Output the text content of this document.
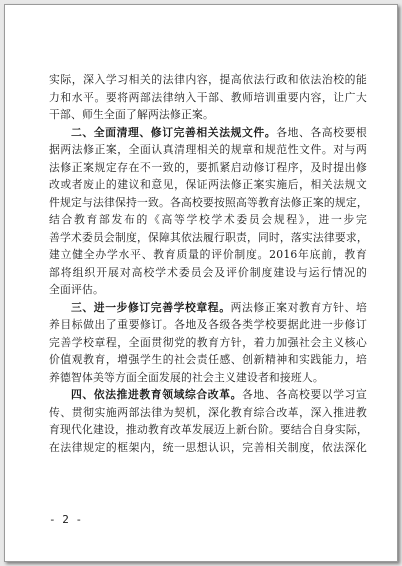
实际，深入学习相关的法律内容，提高依法行政和依法治校的能
力和水平。要将两部法律纳入干部、教师培训重要内容，让广大
干部、师生全面了解两法修正案。
二、全面清理、修订完善相关法规文件。各地、各高校要根
据两法修正案，全面认真清理相关的规章和规范性文件。对与两
法修正案规定存在不一致的，要抓紧启动修订程序，及时提出修
改或者废止的建议和意见，保证两法修正案实施后，相关法规文
件规定与法律保持一致。各高校要按照高等教育法修正案的规定，
结合教育部发布的《高等学校学术委员会规程》，进一步完
善学术委员会制度，保障其依法履行职责，同时，落实法律要求，
建立健全办学水平、教育质量的评价制度。2016年底前，教育
部将组织开展对高校学术委员会及评价制度建设与运行情况的
全面评估。
三、进一步修订完善学校章程。两法修正案对教育方针、培
养目标做出了重要修订。各地及各级各类学校要据此进一步修订
完善学校章程，全面贯彻党的教育方针，着力加强社会主义核心
价值观教育，增强学生的社会责任感、创新精神和实践能力，培
养德智体美等方面全面发展的社会主义建设者和接班人。
四、依法推进教育领域综合改革。各地、各高校要以学习宣
传、贯彻实施两部法律为契机，深化教育综合改革，深入推进教
育现代化建设，推动教育改革发展迈上新台阶。要结合自身实际，
在法律规定的框架内，统一思想认识，完善相关制度，依法深化
- 2 -
